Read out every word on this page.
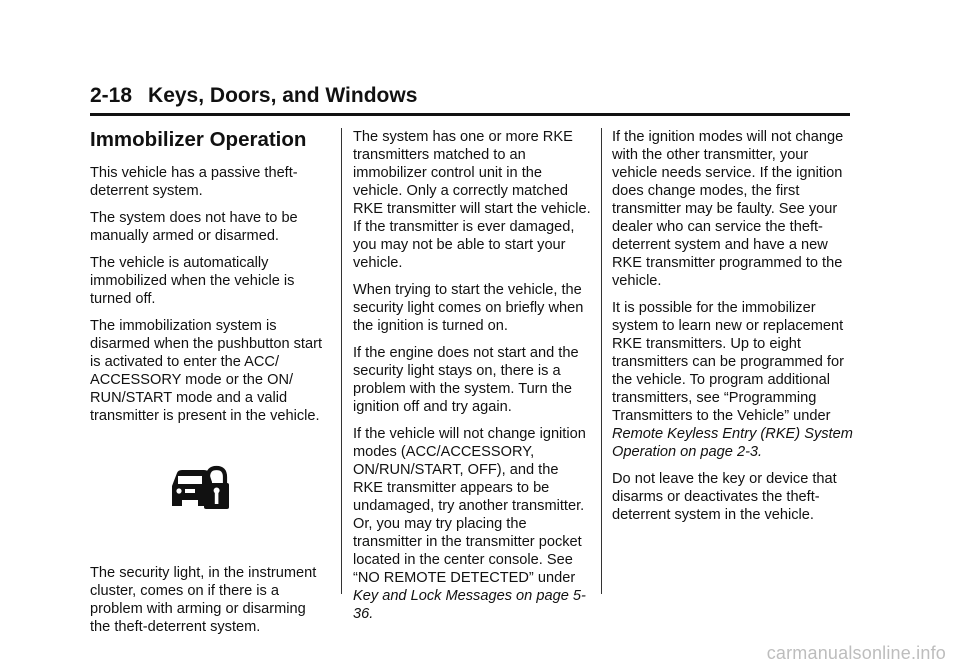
2-18 Keys, Doors, and Windows
Immobilizer Operation

This vehicle has a passive theft-deterrent system.

The system does not have to be manually armed or disarmed.

The vehicle is automatically immobilized when the vehicle is turned off.

The immobilization system is disarmed when the pushbutton start is activated to enter the ACC/ ACCESSORY mode or the ON/ RUN/START mode and a valid transmitter is present in the vehicle.

The security light, in the instrument cluster, comes on if there is a problem with arming or disarming the theft-deterrent system.

The system has one or more RKE transmitters matched to an immobilizer control unit in the vehicle. Only a correctly matched RKE transmitter will start the vehicle. If the transmitter is ever damaged, you may not be able to start your vehicle.

When trying to start the vehicle, the security light comes on briefly when the ignition is turned on.

If the engine does not start and the security light stays on, there is a problem with the system. Turn the ignition off and try again.

If the vehicle will not change ignition modes (ACC/ACCESSORY, ON/RUN/START, OFF), and the RKE transmitter appears to be undamaged, try another transmitter. Or, you may try placing the transmitter in the transmitter pocket located in the center console. See “NO REMOTE DETECTED” under Key and Lock Messages on page 5-36.

If the ignition modes will not change with the other transmitter, your vehicle needs service. If the ignition does change modes, the first transmitter may be faulty. See your dealer who can service the theft-deterrent system and have a new RKE transmitter programmed to the vehicle.

It is possible for the immobilizer system to learn new or replacement RKE transmitters. Up to eight transmitters can be programmed for the vehicle. To program additional transmitters, see “Programming Transmitters to the Vehicle” under Remote Keyless Entry (RKE) System Operation on page 2-3.

Do not leave the key or device that disarms or deactivates the theft-deterrent system in the vehicle.

carmanualsonline.info
